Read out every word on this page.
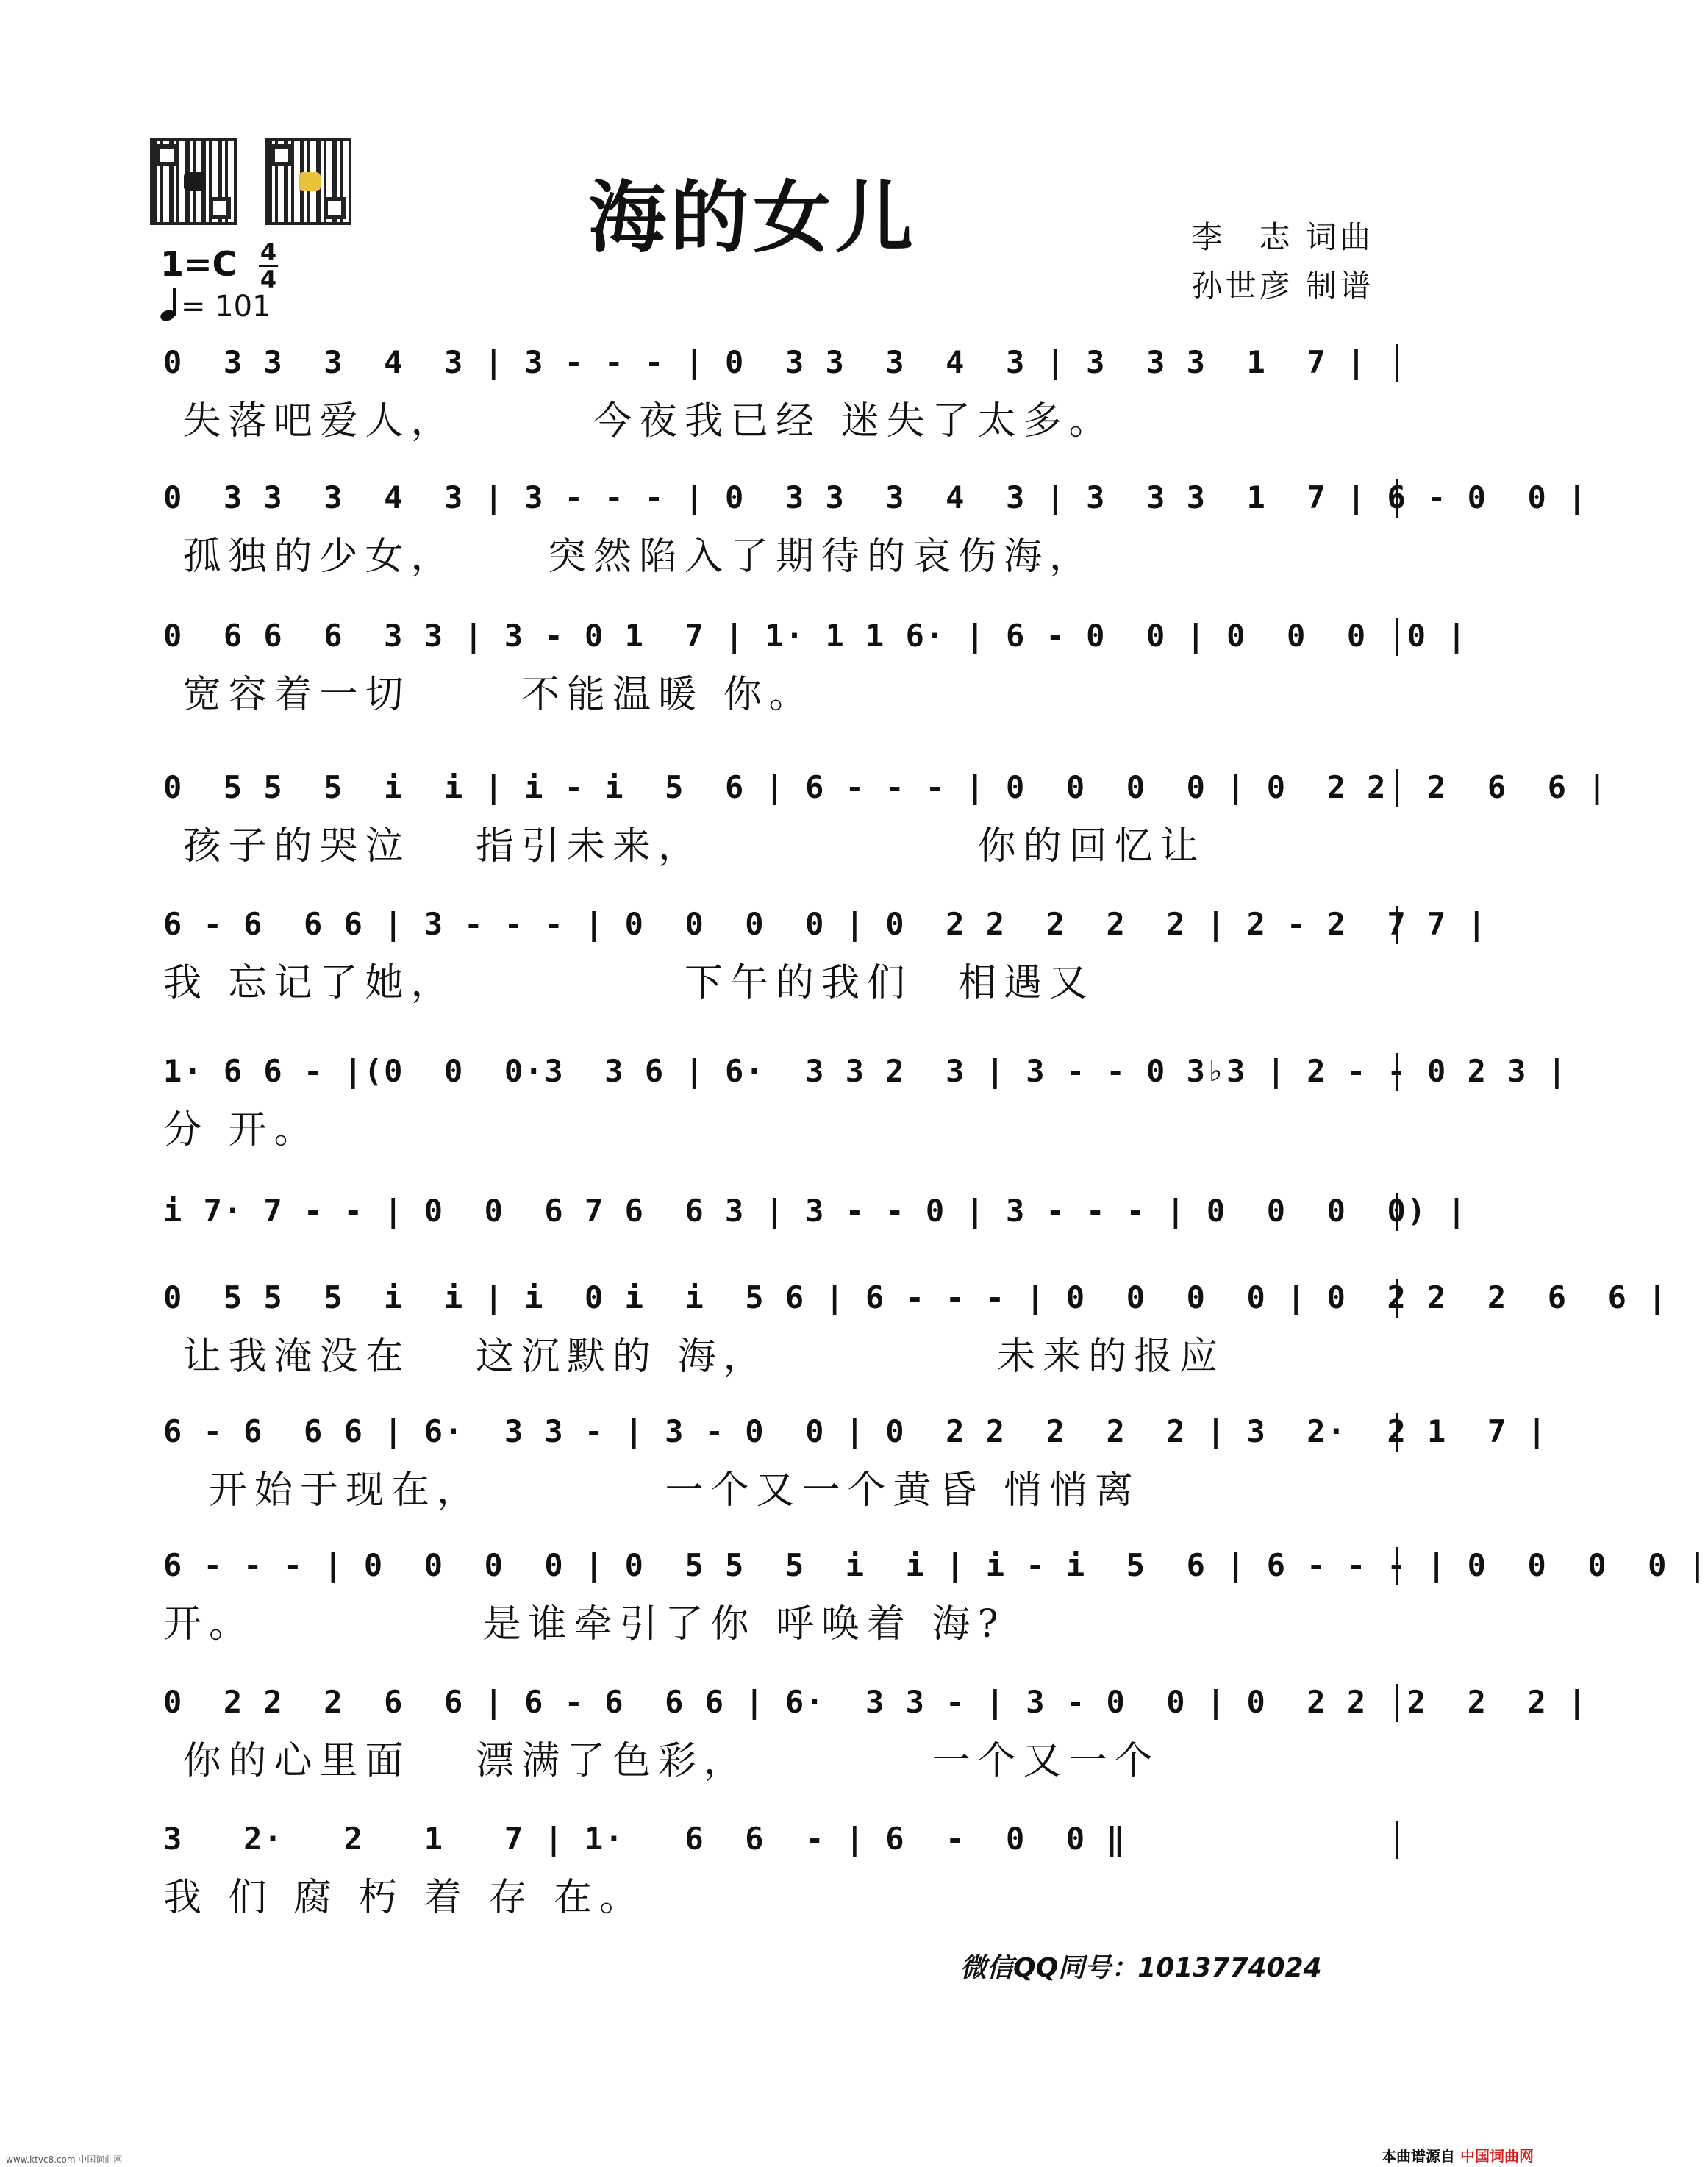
海的女儿	李　志 词曲
孙世彦 制谱
1=C 4
4
= 101
0  3 3  3  4  3 | 3 - - - | 0  3 3  3  4  3 | 3  3 3  1  7 |
失落吧爱人，　　　 今夜我已经 迷失了太多。
0  3 3  3  4  3 | 3 - - - | 0  3 3  3  4  3 | 3  3 3  1  7 | 6 - 0  0 |
孤独的少女，　　 突然陷入了期待的哀伤海，
0  6 6  6  3 3 | 3 - 0 1  7 | 1· 1 1 6· | 6 - 0  0 | 0  0  0  0 |
宽容着一切　　 不能温暖 你。
0  5 5  5  i  i | i - i  5  6 | 6 - - - | 0  0  0  0 | 0  2 2  2  6  6 |
孩子的哭泣　 指引未来，　　　　　　 你的回忆让
6 - 6  6 6 | 3 - - - | 0  0  0  0 | 0  2 2  2  2  2 | 2 - 2  7 7 |
我 忘记了她，　　　　　 下午的我们　相遇又
1· 6 6 - |(0  0  0·3  3 6 | 6·  3 3 2  3 | 3 - - 0 3♭3 | 2 - - 0 2 3 |
分 开。
i 7· 7 - - | 0  0  6 7 6  6 3 | 3 - - 0 | 3 - - - | 0  0  0  0) |
0  5 5  5  i  i | i  0 i  i  5 6 | 6 - - - | 0  0  0  0 | 0  2 2  2  6  6 |
让我淹没在　 这沉默的 海，　　　　　 未来的报应
6 - 6  6 6 | 6·  3 3 - | 3 - 0  0 | 0  2 2  2  2  2 | 3  2·  2 1  7 |
　开始于现在，　　　　 一个又一个黄昏 悄悄离
6 - - - | 0  0  0  0 | 0  5 5  5  i  i | i - i  5  6 | 6 - - - | 0  0  0  0 |
开。　　　　　 是谁牵引了你 呼唤着 海?
0  2 2  2  6  6 | 6 - 6  6 6 | 6·  3 3 - | 3 - 0  0 | 0  2 2  2  2  2 |
你的心里面　 漂满了色彩，　　　　 一个又一个
3   2·   2   1   7 | 1·   6  6  - | 6  -  0  0 ‖
我 们 腐 朽 着 存 在。
微信QQ同号：1013774024
www.ktvc8.com 中国词曲网	本曲谱源自 中国词曲网
